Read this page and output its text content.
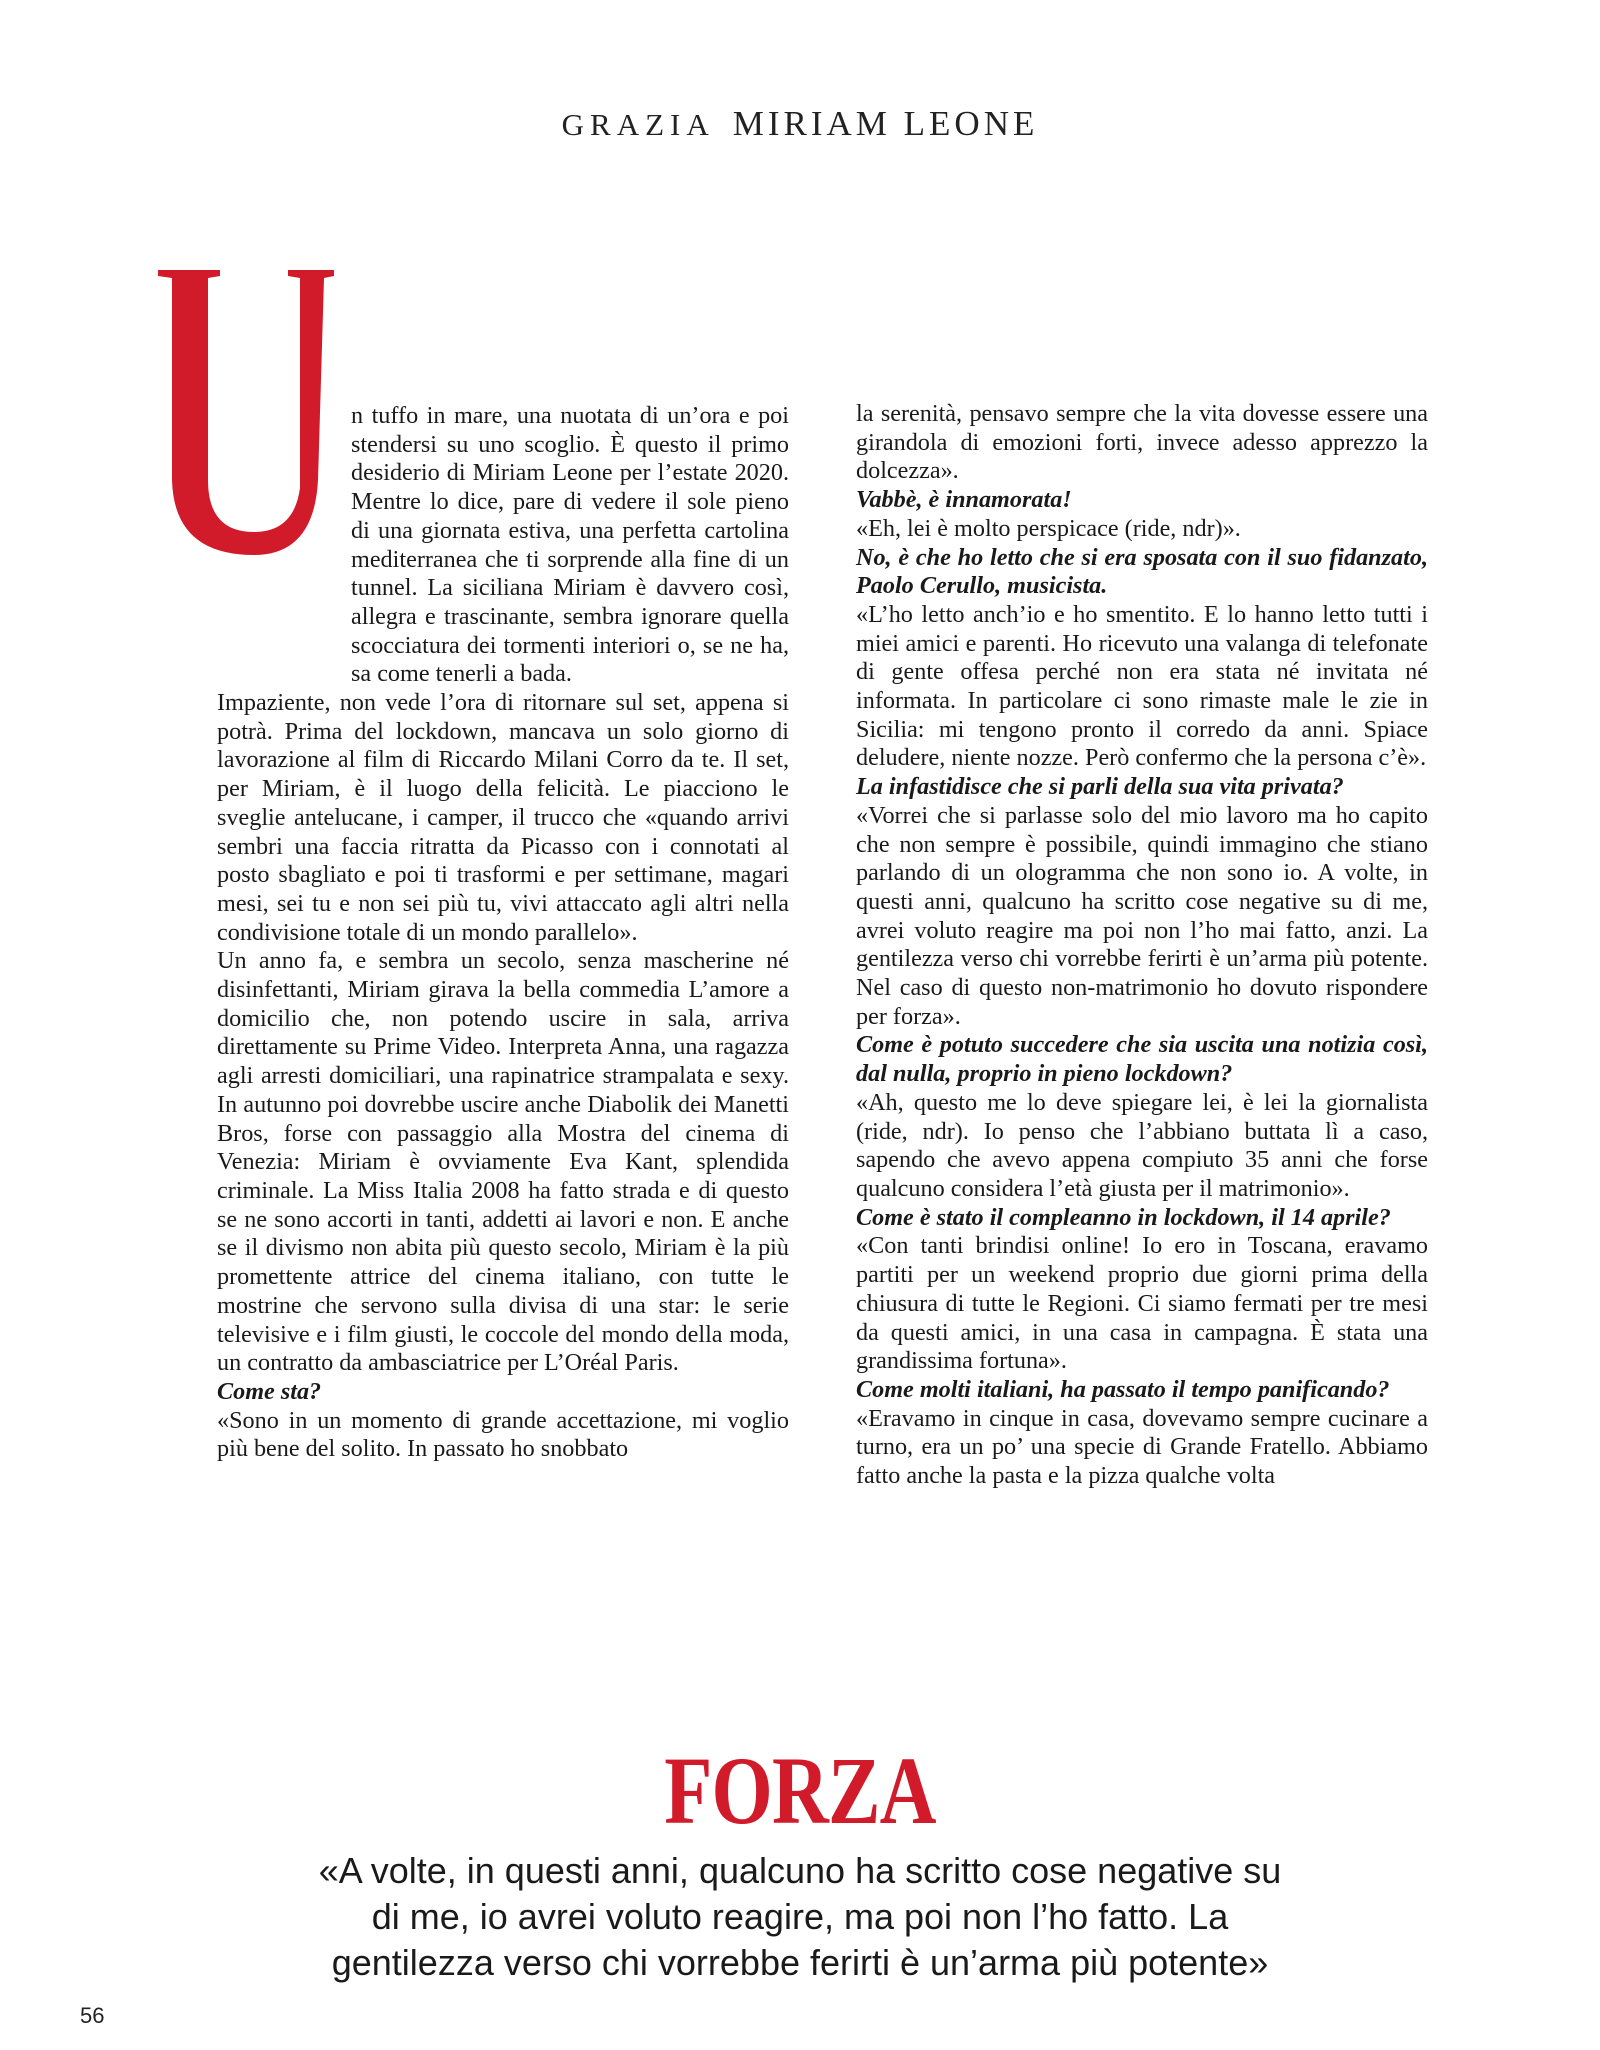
GRAZIA MIRIAM LEONE

n tuffo in mare, una nuotata di un’ora e poi stendersi su uno scoglio. È questo il primo desiderio di Miriam Leone per l’estate 2020. Mentre lo dice, pare di vedere il sole pieno di una giornata estiva, una perfetta cartolina mediterranea che ti sorprende alla fine di un tunnel. La siciliana Miriam è davvero così, allegra e trascinante, sembra ignorare quella scocciatura dei tormenti interiori o, se ne ha, sa come tenerli a bada.

Impaziente, non vede l’ora di ritornare sul set, appena si potrà. Prima del lockdown, mancava un solo giorno di lavorazione al film di Riccardo Milani Corro da te. Il set, per Miriam, è il luogo della felicità. Le piacciono le sveglie antelucane, i camper, il trucco che «quando arrivi sembri una faccia ritratta da Picasso con i connotati al posto sbagliato e poi ti trasformi e per settimane, magari mesi, sei tu e non sei più tu, vivi attaccato agli altri nella condivisione totale di un mondo parallelo».

Un anno fa, e sembra un secolo, senza mascherine né disinfettanti, Miriam girava la bella commedia L’amore a domicilio che, non potendo uscire in sala, arriva direttamente su Prime Video. Interpreta Anna, una ragazza agli arresti domiciliari, una rapinatrice strampalata e sexy. In autunno poi dovrebbe uscire anche Diabolik dei Manetti Bros, forse con passaggio alla Mostra del cinema di Venezia: Miriam è ovviamente Eva Kant, splendida criminale. La Miss Italia 2008 ha fatto strada e di questo se ne sono accorti in tanti, addetti ai lavori e non. E anche se il divismo non abita più questo secolo, Miriam è la più promettente attrice del cinema italiano, con tutte le mostrine che servono sulla divisa di una star: le serie televisive e i film giusti, le coccole del mondo della moda, un contratto da ambasciatrice per L’Oréal Paris.

Come sta?

«Sono in un momento di grande accettazione, mi voglio più bene del solito. In passato ho snobbato

la serenità, pensavo sempre che la vita dovesse essere una girandola di emozioni forti, invece adesso apprezzo la dolcezza».

Vabbè, è innamorata!

«Eh, lei è molto perspicace (ride, ndr)».

No, è che ho letto che si era sposata con il suo fidanzato, Paolo Cerullo, musicista.

«L’ho letto anch’io e ho smentito. E lo hanno letto tutti i miei amici e parenti. Ho ricevuto una valanga di telefonate di gente offesa perché non era stata né invitata né informata. In particolare ci sono rimaste male le zie in Sicilia: mi tengono pronto il corredo da anni. Spiace deludere, niente nozze. Però confermo che la persona c’è».

La infastidisce che si parli della sua vita privata?

«Vorrei che si parlasse solo del mio lavoro ma ho capito che non sempre è possibile, quindi immagino che stiano parlando di un ologramma che non sono io. A volte, in questi anni, qualcuno ha scritto cose negative su di me, avrei voluto reagire ma poi non l’ho mai fatto, anzi. La gentilezza verso chi vorrebbe ferirti è un’arma più potente. Nel caso di questo non-matrimonio ho dovuto rispondere per forza».

Come è potuto succedere che sia uscita una notizia così, dal nulla, proprio in pieno lockdown?

«Ah, questo me lo deve spiegare lei, è lei la giornalista (ride, ndr). Io penso che l’abbiano buttata lì a caso, sapendo che avevo appena compiuto 35 anni che forse qualcuno considera l’età giusta per il matrimonio».

Come è stato il compleanno in lockdown, il 14 aprile?

«Con tanti brindisi online! Io ero in Toscana, eravamo partiti per un weekend proprio due giorni prima della chiusura di tutte le Regioni. Ci siamo fermati per tre mesi da questi amici, in una casa in campagna. È stata una grandissima fortuna».

Come molti italiani, ha passato il tempo panificando?

«Eravamo in cinque in casa, dovevamo sempre cucinare a turno, era un po’ una specie di Grande Fratello. Abbiamo fatto anche la pasta e la pizza qualche volta

FORZA
«A volte, in questi anni, qualcuno ha scritto cose negative su di me, io avrei voluto reagire, ma poi non l’ho fatto. La gentilezza verso chi vorrebbe ferirti è un’arma più potente»
56
